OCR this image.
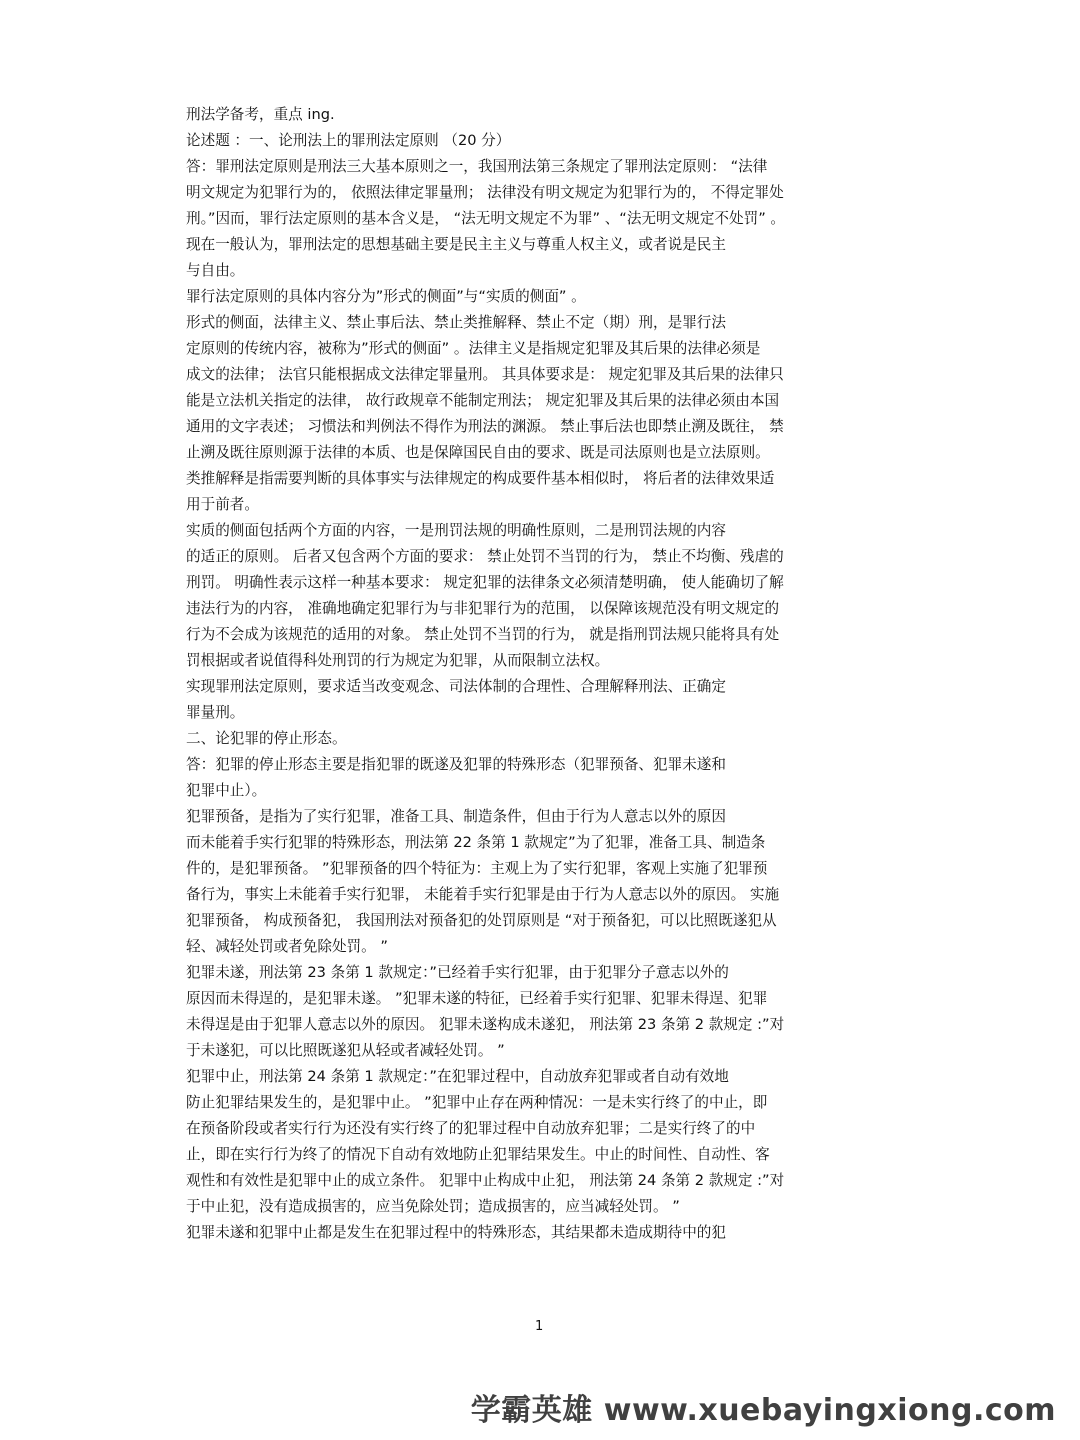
刑法学备考，重点 ing.
论述题 ：一、论刑法上的罪刑法定原则 （20 分）
答：罪刑法定原则是刑法三大基本原则之一，我国刑法第三条规定了罪刑法定原则： “法律
明文规定为犯罪行为的， 依照法律定罪量刑； 法律没有明文规定为犯罪行为的， 不得定罪处
刑。”因而，罪行法定原则的基本含义是， “法无明文规定不为罪” 、“法无明文规定不处罚” 。
现在一般认为，罪刑法定的思想基础主要是民主主义与尊重人权主义，或者说是民主
与自由。
罪行法定原则的具体内容分为”形式的侧面”与“实质的侧面” 。
形式的侧面，法律主义、禁止事后法、禁止类推解释、禁止不定（期）刑，是罪行法
定原则的传统内容，被称为”形式的侧面” 。法律主义是指规定犯罪及其后果的法律必须是
成文的法律； 法官只能根据成文法律定罪量刑。 其具体要求是： 规定犯罪及其后果的法律只
能是立法机关指定的法律， 故行政规章不能制定刑法； 规定犯罪及其后果的法律必须由本国
通用的文字表述； 习惯法和判例法不得作为刑法的渊源。 禁止事后法也即禁止溯及既往， 禁
止溯及既往原则源于法律的本质、也是保障国民自由的要求、既是司法原则也是立法原则。
类推解释是指需要判断的具体事实与法律规定的构成要件基本相似时， 将后者的法律效果适
用于前者。
实质的侧面包括两个方面的内容，一是刑罚法规的明确性原则，二是刑罚法规的内容
的适正的原则。 后者又包含两个方面的要求： 禁止处罚不当罚的行为， 禁止不均衡、残虐的
刑罚。 明确性表示这样一种基本要求： 规定犯罪的法律条文必须清楚明确， 使人能确切了解
违法行为的内容， 准确地确定犯罪行为与非犯罪行为的范围， 以保障该规范没有明文规定的
行为不会成为该规范的适用的对象。 禁止处罚不当罚的行为， 就是指刑罚法规只能将具有处
罚根据或者说值得科处刑罚的行为规定为犯罪，从而限制立法权。
实现罪刑法定原则，要求适当改变观念、司法体制的合理性、合理解释刑法、正确定
罪量刑。
二、论犯罪的停止形态。
答：犯罪的停止形态主要是指犯罪的既遂及犯罪的特殊形态（犯罪预备、犯罪未遂和
犯罪中止）。
犯罪预备，是指为了实行犯罪，准备工具、制造条件，但由于行为人意志以外的原因
而未能着手实行犯罪的特殊形态，刑法第 22 条第 1 款规定”为了犯罪，准备工具、制造条
件的，是犯罪预备。 ”犯罪预备的四个特征为：主观上为了实行犯罪，客观上实施了犯罪预
备行为，事实上未能着手实行犯罪， 未能着手实行犯罪是由于行为人意志以外的原因。 实施
犯罪预备， 构成预备犯， 我国刑法对预备犯的处罚原则是 “对于预备犯，可以比照既遂犯从
轻、减轻处罚或者免除处罚。 ”
犯罪未遂，刑法第 23 条第 1 款规定：”已经着手实行犯罪，由于犯罪分子意志以外的
原因而未得逞的，是犯罪未遂。 ”犯罪未遂的特征，已经着手实行犯罪、犯罪未得逞、犯罪
未得逞是由于犯罪人意志以外的原因。 犯罪未遂构成未遂犯， 刑法第 23 条第 2 款规定 :”对
于未遂犯，可以比照既遂犯从轻或者减轻处罚。 ”
犯罪中止，刑法第 24 条第 1 款规定：”在犯罪过程中，自动放弃犯罪或者自动有效地
防止犯罪结果发生的，是犯罪中止。 ”犯罪中止存在两种情况：一是未实行终了的中止，即
在预备阶段或者实行行为还没有实行终了的犯罪过程中自动放弃犯罪；二是实行终了的中
止，即在实行行为终了的情况下自动有效地防止犯罪结果发生。中止的时间性、自动性、客
观性和有效性是犯罪中止的成立条件。 犯罪中止构成中止犯， 刑法第 24 条第 2 款规定 :”对
于中止犯，没有造成损害的，应当免除处罚；造成损害的，应当减轻处罚。 ”
犯罪未遂和犯罪中止都是发生在犯罪过程中的特殊形态，其结果都未造成期待中的犯
1
学霸英雄 www.xuebayingxiong.com
